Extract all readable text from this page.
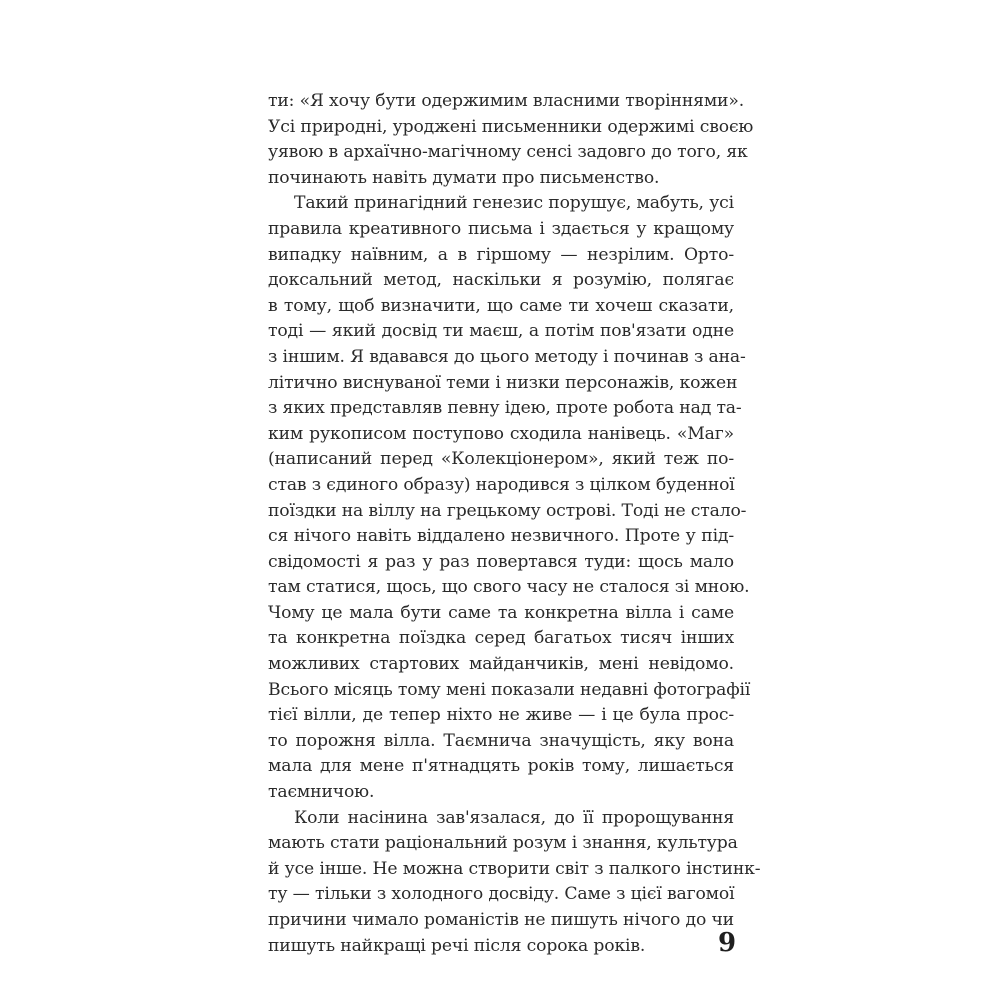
ти: «Я хочу бути одержимим власними творіннями».
Усі природні, уроджені письменники одержимі своєю
уявою в архаїчно-магічному сенсі задовго до того, як
починають навіть думати про письменство.
Такий принагідний генезис порушує, мабуть, усі
правила креативного письма і здається у кращому
випадку наївним, а в гіршому — незрілим. Орто-
доксальний метод, наскільки я розумію, полягає
в тому, щоб визначити, що саме ти хочеш сказати,
тоді — який досвід ти маєш, а потім пов'язати одне
з іншим. Я вдавався до цього методу і починав з ана-
літично виснуваної теми і низки персонажів, кожен
з яких представляв певну ідею, проте робота над та-
ким рукописом поступово сходила нанівець. «Маг»
(написаний перед «Колекціонером», який теж по-
став з єдиного образу) народився з цілком буденної
поїздки на віллу на грецькому острові. Тоді не сталo-
ся нічого навіть віддалено незвичного. Проте у під-
свідомості я раз у раз повертався туди: щось мало
там статися, щось, що свого часу не сталося зі мною.
Чому це мала бути саме та конкретна вілла і саме
та конкретна поїздка серед багатьох тисяч інших
можливих стартових майданчиків, мені невідомо.
Всього місяць тому мені показали недавні фотографії
тієї вілли, де тепер ніхто не живе — і це була прос-
то порожня вілла. Таємнича значущість, яку вона
мала для мене п'ятнадцять років тому, лишається
таємничою.
Коли насінина зав'язалася, до її пророщування
мають стати раціональний розум і знання, культура
й усе інше. Не можна створити світ з палкого інстинк-
ту — тільки з холодного досвіду. Саме з цієї вагомої
причини чимало романістів не пишуть нічого до чи
пишуть найкращі речі після сорока років.	9
